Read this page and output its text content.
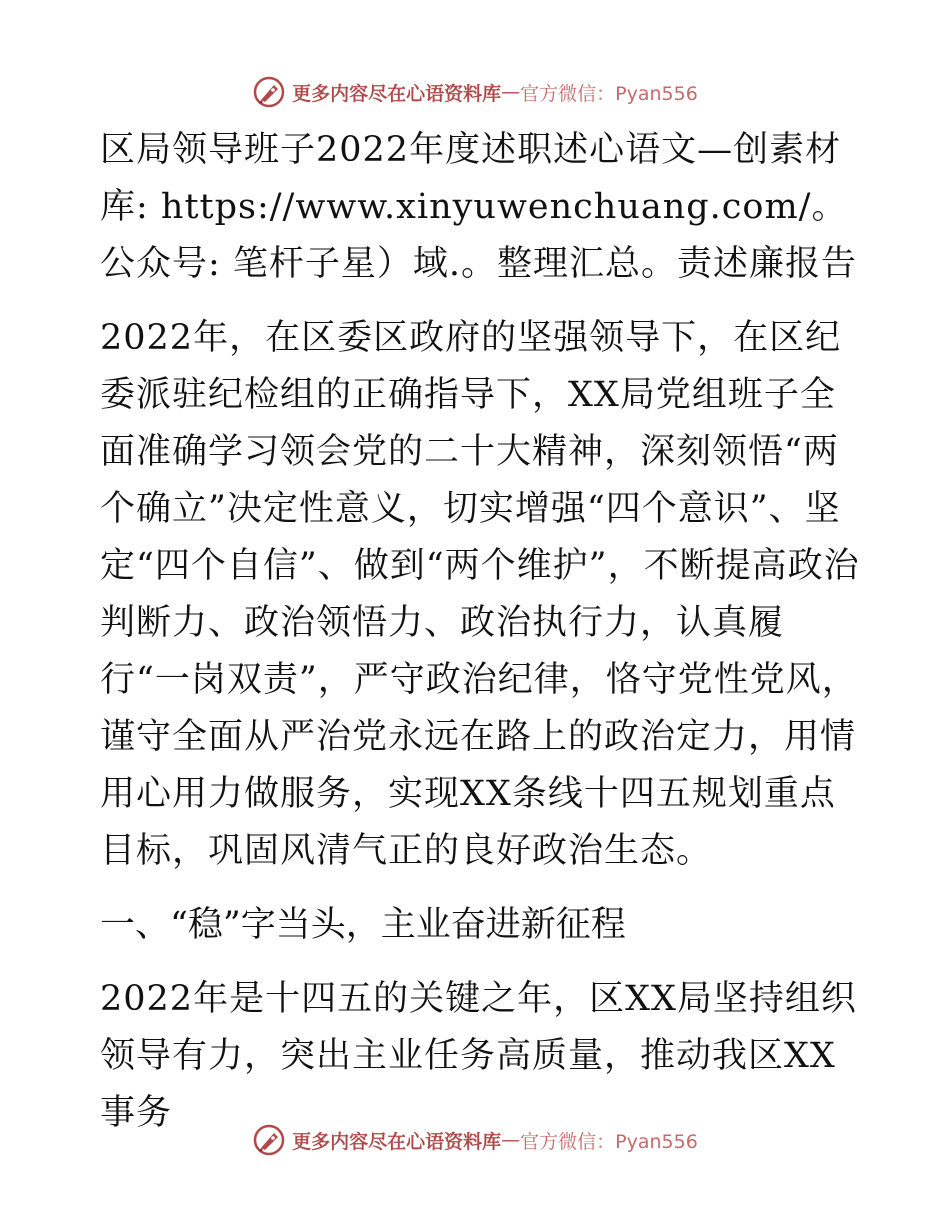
更多内容尽在心语资料库 — 官方微信：Pyan556

区局领导班子2022年度述职述心语文—创素材库: https://www.xinyuwenchuang.com/。公众号: 笔杆子星）域.。整理汇总。责述廉报告

2022年，在区委区政府的坚强领导下，在区纪委派驻纪检组的正确指导下，XX局党组班子全面准确学习领会党的二十大精神，深刻领悟“两个确立”决定性意义，切实增强“四个意识”、坚定“四个自信”、做到“两个维护”，不断提高政治判断力、政治领悟力、政治执行力，认真履行“一岗双责”，严守政治纪律，恪守党性党风，谨守全面从严治党永远在路上的政治定力，用情用心用力做服务，实现XX条线十四五规划重点目标，巩固风清气正的良好政治生态。

一、“稳”字当头，主业奋进新征程

2022年是十四五的关键之年，区XX局坚持组织领导有力，突出主业任务高质量，推动我区XX事务

更多内容尽在心语资料库 — 官方微信：Pyan556
